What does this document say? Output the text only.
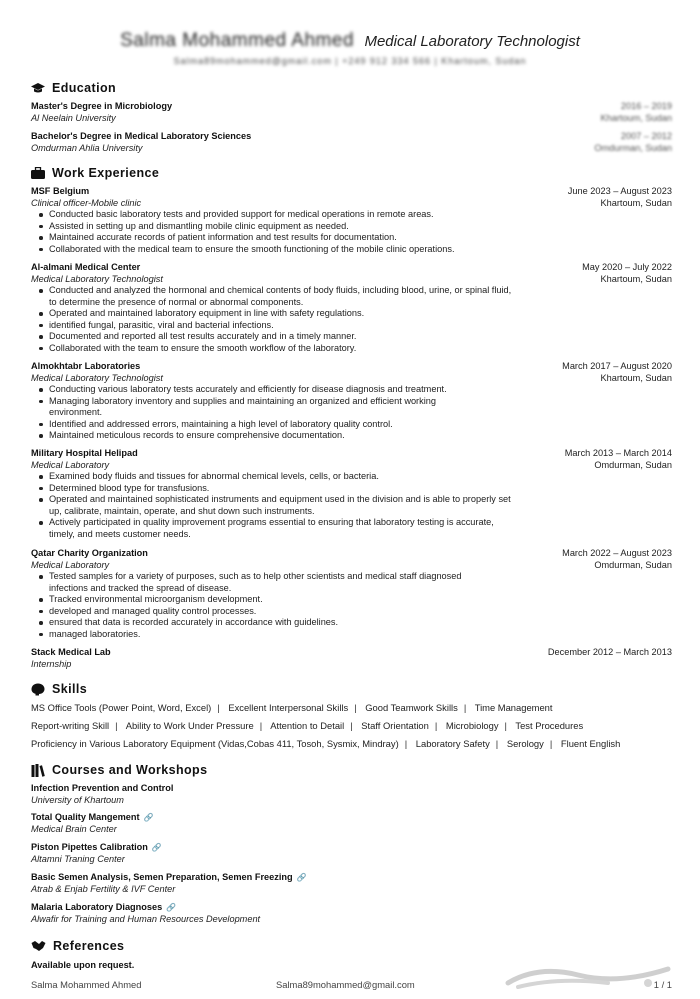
Salma Mohammed Ahmed Medical Laboratory Technologist
Salma89mohammed@gmail.com | +249 912 334 566 | Khartoum, Sudan
Education
Master's Degree in Microbiology
Al Neelain University
2016 – 2019
Khartoum, Sudan
Bachelor's Degree in Medical Laboratory Sciences
Omdurman Ahlia University
2007 – 2012
Omdurman, Sudan
Work Experience
MSF Belgium
Clinical officer-Mobile clinic
June 2023 – August 2023
Khartoum, Sudan
Conducted basic laboratory tests and provided support for medical operations in remote areas.
Assisted in setting up and dismantling mobile clinic equipment as needed.
Maintained accurate records of patient information and test results for documentation.
Collaborated with the medical team to ensure the smooth functioning of the mobile clinic operations.
Al-almani Medical Center
Medical Laboratory Technologist
May 2020 – July 2022
Khartoum, Sudan
Conducted and analyzed the hormonal and chemical contents of body fluids, including blood, urine, or spinal fluid, to determine the presence of normal or abnormal components.
Operated and maintained laboratory equipment in line with safety regulations.
identified fungal, parasitic, viral and bacterial infections.
Documented and reported all test results accurately and in a timely manner.
Collaborated with the team to ensure the smooth workflow of the laboratory.
Almokhtabr Laboratories
Medical Laboratory Technologist
March 2017 – August 2020
Khartoum, Sudan
Conducting various laboratory tests accurately and efficiently for disease diagnosis and treatment.
Managing laboratory inventory and supplies and maintaining an organized and efficient working environment.
Identified and addressed errors, maintaining a high level of laboratory quality control.
Maintained meticulous records to ensure comprehensive documentation.
Military Hospital Helipad
Medical Laboratory
March 2013 – March 2014
Omdurman, Sudan
Examined body fluids and tissues for abnormal chemical levels, cells, or bacteria.
Determined blood type for transfusions.
Operated and maintained sophisticated instruments and equipment used in the division and is able to properly set up, calibrate, maintain, operate, and shut down such instruments.
Actively participated in quality improvement programs essential to ensuring that laboratory testing is accurate, timely, and meets customer needs.
Qatar Charity Organization
Medical Laboratory
March 2022 – August 2023
Omdurman, Sudan
Tested samples for a variety of purposes, such as to help other scientists and medical staff diagnosed infections and tracked the spread of disease.
Tracked environmental microorganism development.
developed and managed quality control processes.
ensured that data is recorded accurately in accordance with guidelines.
managed laboratories.
Stack Medical Lab
Internship
December 2012 – March 2013
Skills
MS Office Tools (Power Point, Word, Excel) | Excellent Interpersonal Skills | Good Teamwork Skills | Time Management
Report-writing Skill | Ability to Work Under Pressure | Attention to Detail | Staff Orientation | Microbiology | Test Procedures
Proficiency in Various Laboratory Equipment (Vidas,Cobas 411, Tosoh, Sysmix, Mindray) | Laboratory Safety | Serology | Fluent English
Courses and Workshops
Infection Prevention and Control
University of Khartoum
Total Quality Mangement 🔗
Medical Brain Center
Piston Pipettes Calibration 🔗
Altamni Traning Center
Basic Semen Analysis, Semen Preparation, Semen Freezing 🔗
Atrab & Enjab Fertility & IVF Center
Malaria Laboratory Diagnoses 🔗
Alwafir for Training and Human Resources Development
References
Available upon request.
Salma Mohammed Ahmed	Salma89mohammed@gmail.com	1 / 1
